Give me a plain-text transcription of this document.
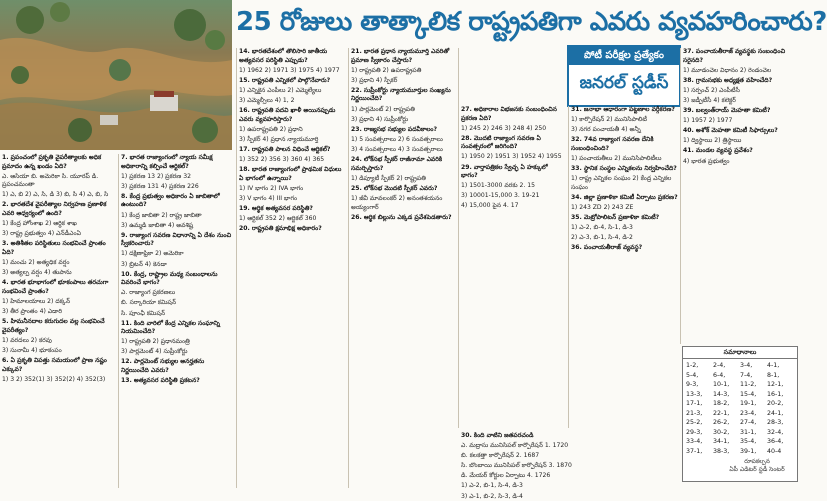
25 రోజులు తాత్కాలిక రాష్ట్రపతిగా ఎవరు వ్యవహరించారు?
పోటీ పరీక్షల ప్రత్యేకం
జనరల్ స్టడీస్

1. ప్రపంచంలో ప్రకృతి వైపరీత్యాలకు అధిక ప్రమాదం ఉన్న ఖండం ఏది?

ఎ. ఆసియా బి. అమెరికా సి. యూరప్ డి. ప్రపంచమంతా

1) ఎ, బి 2) ఎ, సి, డి 3) బి, సి 4) ఎ, బి, సి

2. భారతదేశ వైపరీత్యాల నిర్వహణ ప్రణాళిక ఎవరి ఆధ్వర్యంలో ఉంది?

1) కేంద్ర హోంశాఖ 2) ఆర్థిక శాఖ

3) రాష్ట్ర ప్రభుత్వం 4) ఎన్‌డీఎంఏ

3. అతిశీతల పరిస్థితులు సంభవించే ప్రాంతం ఏది?

1) మంచు 2) అత్యధిక వర్షం

3) అత్యల్ప వర్షం 4) తుపాను

4. భారత భూభాగంలో భూకంపాలు తరచుగా సంభవించే ప్రాంతం?

1) హిమాలయాలు 2) దక్కన్

3) తీర ప్రాంతం 4) ఎడారి

5. హిమనీనదాల కరుగుదల వల్ల సంభవించే వైపరీత్యం?

1) వరదలు 2) కరవు

3) సునామీ 4) భూకంపం

6. ఏ ప్రకృతి విపత్తు సమయంలో ప్రాణ నష్టం ఎక్కువ?

1) 3 2) 352(1) 3) 352(2) 4) 352(3)

7. భారత రాజ్యాంగంలో న్యాయ సమీక్ష అధికారాన్ని కల్పించే ఆర్టికల్?

1) ప్రకరణ 13 2) ప్రకరణ 32

3) ప్రకరణ 131 4) ప్రకరణ 226

8. కేంద్ర ప్రభుత్వం అధికారం ఏ జాబితాలో ఉంటుంది?

1) కేంద్ర జాబితా 2) రాష్ట్ర జాబితా

3) ఉమ్మడి జాబితా 4) అవశిష్ట

9. రాజ్యాంగ సవరణ విధానాన్ని ఏ దేశం నుంచి స్వీకరించారు?

1) దక్షిణాఫ్రికా 2) అమెరికా

3) బ్రిటన్ 4) కెనడా

10. కేంద్ర, రాష్ట్రాల మధ్య సంబంధాలను వివరించే భాగం?

ఎ. రాజ్యాంగ ప్రకరణలు

బి. సర్కారియా కమిషన్

సి. పూంఛీ కమిషన్

11. కింది వారిలో కేంద్ర ఎన్నికల సంఘాన్ని నియమించేది?

1) రాష్ట్రపతి 2) ప్రధానమంత్రి

3) పార్లమెంట్ 4) సుప్రీంకోర్టు

12. పార్లమెంట్ సభ్యుల అనర్హతను నిర్ణయించేది ఎవరు?

13. అత్యవసర పరిస్థితి ప్రకటన?

14. భారతదేశంలో తొలిసారి జాతీయ అత్యవసర పరిస్థితి ఎప్పుడు?

1) 1962 2) 1971 3) 1975 4) 1977

15. రాష్ట్రపతి ఎన్నికలో పాల్గొనేవారు?

1) ఎన్నికైన ఎంపీలు 2) ఎమ్మెల్యేలు

3) ఎమ్మెల్సీలు 4) 1, 2

16. రాష్ట్రపతి పదవి ఖాళీ అయినప్పుడు ఎవరు వ్యవహరిస్తారు?

1) ఉపరాష్ట్రపతి 2) ప్రధాని

3) స్పీకర్ 4) ప్రధాన న్యాయమూర్తి

17. రాష్ట్రపతి పాలన విధించే ఆర్టికల్?

1) 352 2) 356 3) 360 4) 365

18. భారత రాజ్యాంగంలో ప్రాథమిక విధులు ఏ భాగంలో ఉన్నాయి?

1) IV భాగం 2) IVA భాగం

3) V భాగం 4) III భాగం

19. ఆర్థిక అత్యవసర పరిస్థితి?

1) ఆర్టికల్ 352 2) ఆర్టికల్ 360

20. రాష్ట్రపతి క్షమాభిక్ష అధికారం?

21. భారత ప్రధాన న్యాయమూర్తి ఎవరితో ప్రమాణ స్వీకారం చేస్తారు?

1) రాష్ట్రపతి 2) ఉపరాష్ట్రపతి

3) ప్రధాని 4) స్పీకర్

22. సుప్రీంకోర్టు న్యాయమూర్తుల సంఖ్యను నిర్ణయించేది?

1) పార్లమెంట్ 2) రాష్ట్రపతి

3) ప్రధాని 4) సుప్రీంకోర్టు

23. రాజ్యసభ సభ్యుల పదవీకాలం?

1) 5 సంవత్సరాలు 2) 6 సంవత్సరాలు

3) 4 సంవత్సరాలు 4) 3 సంవత్సరాలు

24. లోక్‌సభ స్పీకర్ రాజీనామా ఎవరికి సమర్పిస్తారు?

1) డిప్యూటీ స్పీకర్ 2) రాష్ట్రపతి

25. లోక్‌సభ మొదటి స్పీకర్ ఎవరు?

1) జీవీ మావలంకర్ 2) అనంతశయనం అయ్యంగార్

26. ఆర్థిక బిల్లును ఎక్కడ ప్రవేశపెడతారు?

27. అధికారాల విభజనకు సంబంధించిన ప్రకరణ ఏది?

1) 245 2) 246 3) 248 4) 250

28. మొదటి రాజ్యాంగ సవరణ ఏ సంవత్సరంలో జరిగింది?

1) 1950 2) 1951 3) 1952 4) 1955

29. వార్తాపత్రికల స్వేచ్ఛ ఏ హక్కులో భాగం?

1) 1501-3000 వరకు 2. 15

3) 10001-15,000 3. 19-21

4) 15,000 పైన 4. 17

30. కింది వాటిని జతపరచండి

ఎ. మద్రాసు మునిసిపల్ కార్పొరేషన్ 1. 1720

బి. కలకత్తా కార్పొరేషన్ 2. 1687

సి. బొంబాయి మునిసిపల్ కార్పొరేషన్ 3. 1870

డి. మేయర్ కోర్టుల ఏర్పాటు 4. 1726

1) ఎ-2, బి-1, సి-4, డి-3

3) ఎ-1, బి-2, సి-3, డి-4

31. జనాభా ఆధారంగా పట్టణాల వర్గీకరణ?

1) కార్పొరేషన్ 2) మునిసిపాలిటీ

3) నగర పంచాయతీ 4) అన్నీ

32. 74వ రాజ్యాంగ సవరణ దేనికి సంబంధించింది?

1) పంచాయతీలు 2) మునిసిపాలిటీలు

33. స్థానిక సంస్థల ఎన్నికలను నిర్వహించేది?

1) రాష్ట్ర ఎన్నికల సంఘం 2) కేంద్ర ఎన్నికల సంఘం

34. జిల్లా ప్రణాళికా కమిటీ ఏర్పాటు ప్రకరణ?

1) 243 ZD 2) 243 ZE

35. మెట్రోపాలిటన్ ప్రణాళికా కమిటీ?

1) ఎ-2, బి-4, సి-1, డి-3

2) ఎ-3, బి-1, సి-4, డి-2

36. పంచాయతీరాజ్ వ్యవస్థ?

37. పంచాయతీరాజ్ వ్యవస్థకు సంబంధించి సరైనది?

1) మూడంచెల విధానం 2) రెండంచెల

38. గ్రామసభకు అధ్యక్షత వహించేది?

1) సర్పంచ్ 2) ఎంపీటీసీ

3) జడ్పీటీసీ 4) కలెక్టర్

39. బల్వంత్‌రాయ్ మెహతా కమిటీ?

1) 1957 2) 1977

40. అశోక్ మెహతా కమిటీ సిఫార్సులు?

1) ద్విస్థాయి 2) త్రిస్థాయి

41. మండల వ్యవస్థ ప్రవేశం?

4) భారత ప్రభుత్వం

సమాధానాలు
1-2,	2-4,	3-4,	4-1,
5-4,	6-4,	7-4,	8-1,
9-3,	10-1,	11-2,	12-1,
13-3,	14-3,	15-4,	16-1,
17-1,	18-2,	19-1,	20-2,
21-3,	22-1,	23-4,	24-1,
25-2,	26-2,	27-4,	28-3,
29-3,	30-2,	31-1,	32-4,
33-4,	34-1,	35-4,	36-4,
37-1,	38-3,	39-1,	40-4
రూపకల్పన
ఏపీ ఎడిటర్ స్టడీ సెంటర్
